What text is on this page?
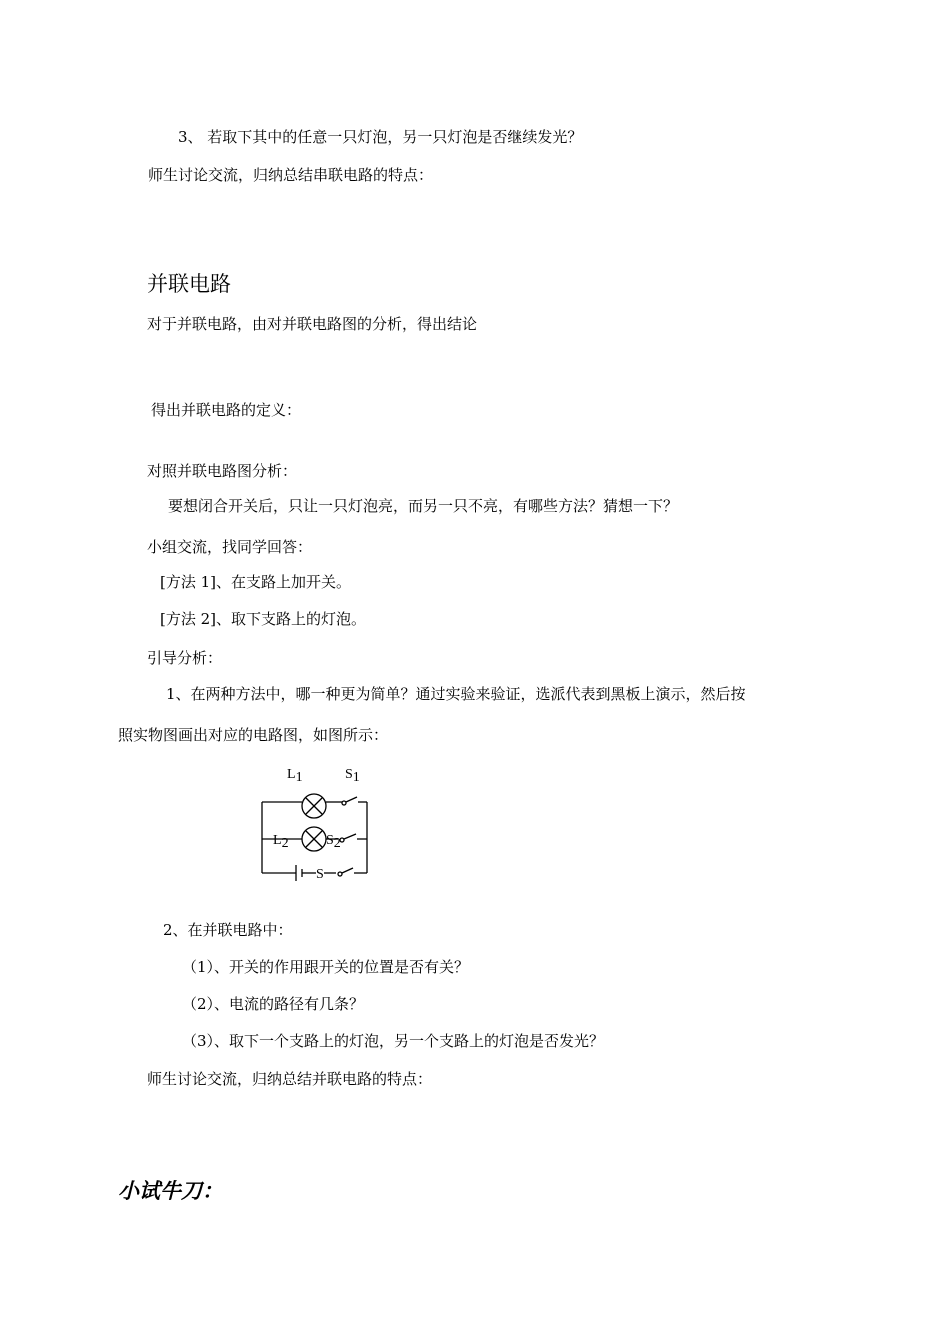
3、 若取下其中的任意一只灯泡，另一只灯泡是否继续发光？
师生讨论交流，归纳总结串联电路的特点：
并联电路
对于并联电路，由对并联电路图的分析，得出结论
得出并联电路的定义：
对照并联电路图分析：
要想闭合开关后，只让一只灯泡亮，而另一只不亮，有哪些方法？猜想一下？
小组交流，找同学回答：
[方法 1]、在支路上加开关。
[方法 2]、取下支路上的灯泡。
引导分析：
1、在两种方法中，哪一种更为简单？通过实验来验证，选派代表到黑板上演示，然后按
照实物图画出对应的电路图，如图所示：
L1	S1
L2	S2
S
2、在并联电路中：
（1）、开关的作用跟开关的位置是否有关？
（2）、电流的路径有几条？
（3）、取下一个支路上的灯泡，另一个支路上的灯泡是否发光？
师生讨论交流，归纳总结并联电路的特点：
小试牛刀：
